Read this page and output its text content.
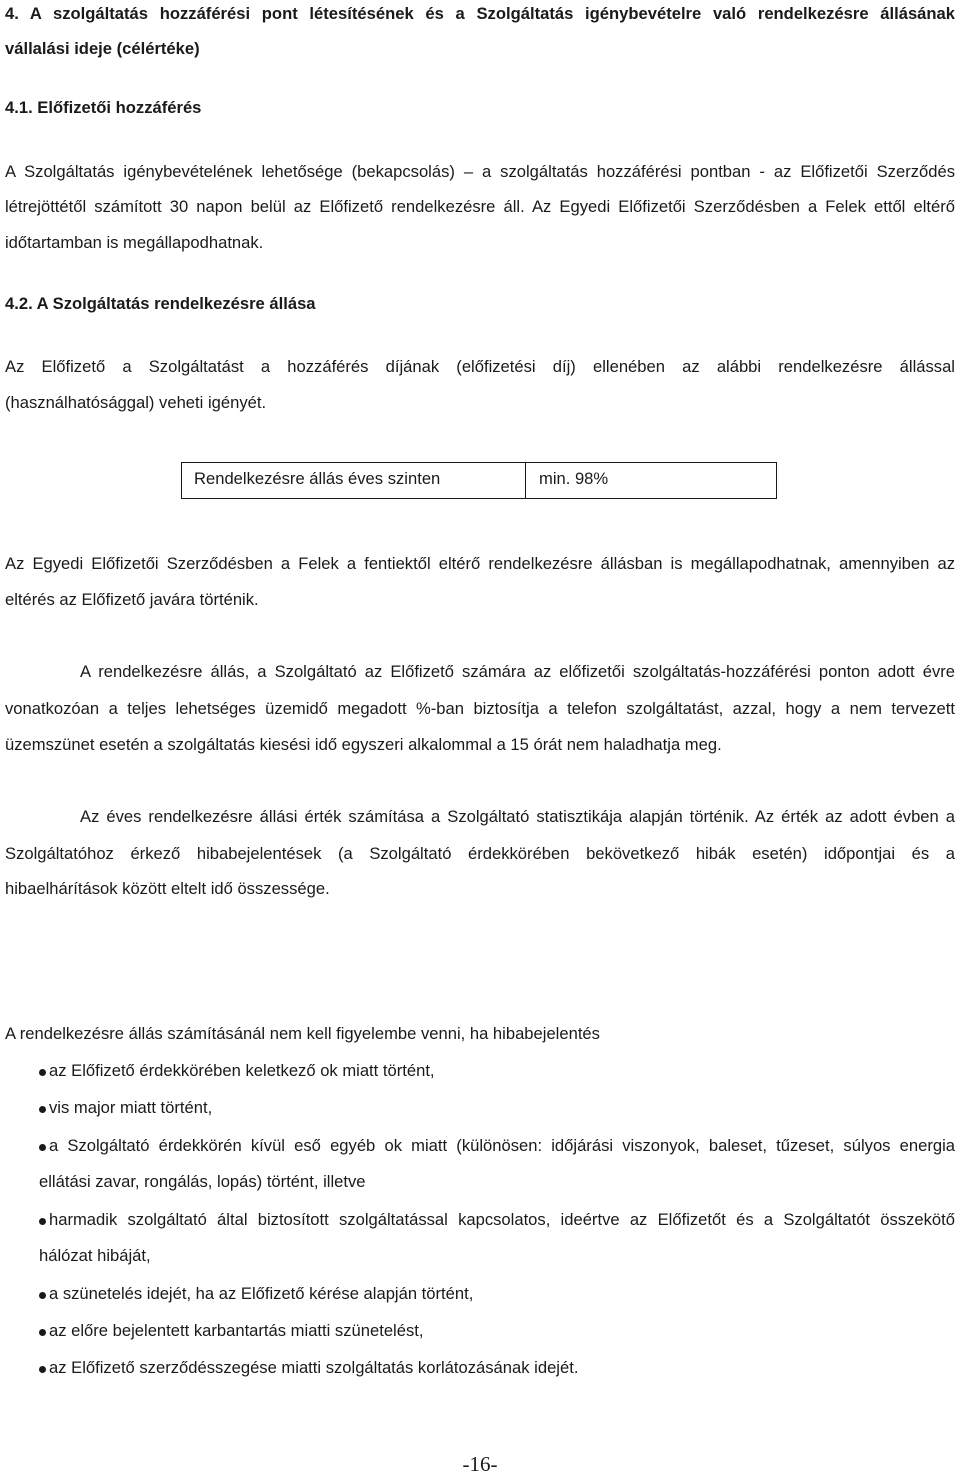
4. A szolgáltatás hozzáférési pont létesítésének és a Szolgáltatás igénybevételre való rendelkezésre állásának
vállalási ideje (célértéke)
4.1. Előfizetői hozzáférés
A Szolgáltatás igénybevételének lehetősége (bekapcsolás) – a szolgáltatás hozzáférési pontban - az Előfizetői Szerződés
létrejöttétől számított 30 napon belül az Előfizető rendelkezésre áll. Az Egyedi Előfizetői Szerződésben a Felek ettől eltérő
időtartamban is megállapodhatnak.
4.2. A Szolgáltatás rendelkezésre állása
Az Előfizető a Szolgáltatást a hozzáférés díjának (előfizetési díj) ellenében az alábbi rendelkezésre állással
(használhatósággal) veheti igényét.
Rendelkezésre állás éves szinten	min. 98%
Az Egyedi Előfizetői Szerződésben a Felek a fentiektől eltérő rendelkezésre állásban is megállapodhatnak, amennyiben az
eltérés az Előfizető javára történik.
A rendelkezésre állás, a Szolgáltató az Előfizető számára az előfizetői szolgáltatás-hozzáférési ponton adott évre
vonatkozóan a teljes lehetséges üzemidő megadott %-ban biztosítja a telefon szolgáltatást, azzal, hogy a nem tervezett
üzemszünet esetén a szolgáltatás kiesési idő egyszeri alkalommal a 15 órát nem haladhatja meg.
Az éves rendelkezésre állási érték számítása a Szolgáltató statisztikája alapján történik. Az érték az adott évben a
Szolgáltatóhoz érkező hibabejelentések (a Szolgáltató érdekkörében bekövetkező hibák esetén) időpontjai és a
hibaelhárítások között eltelt idő összessége.
A rendelkezésre állás számításánál nem kell figyelembe venni, ha hibabejelentés
az Előfizető érdekkörében keletkező ok miatt történt,
vis major miatt történt,
a Szolgáltató érdekkörén kívül eső egyéb ok miatt (különösen: időjárási viszonyok, baleset, tűzeset, súlyos energia
ellátási zavar, rongálás, lopás) történt, illetve
harmadik szolgáltató által biztosított szolgáltatással kapcsolatos, ideértve az Előfizetőt és a Szolgáltatót összekötő
hálózat hibáját,
a szünetelés idejét, ha az Előfizető kérése alapján történt,
az előre bejelentett karbantartás miatti szünetelést,
az Előfizető szerződésszegése miatti szolgáltatás korlátozásának idejét.
-16-
